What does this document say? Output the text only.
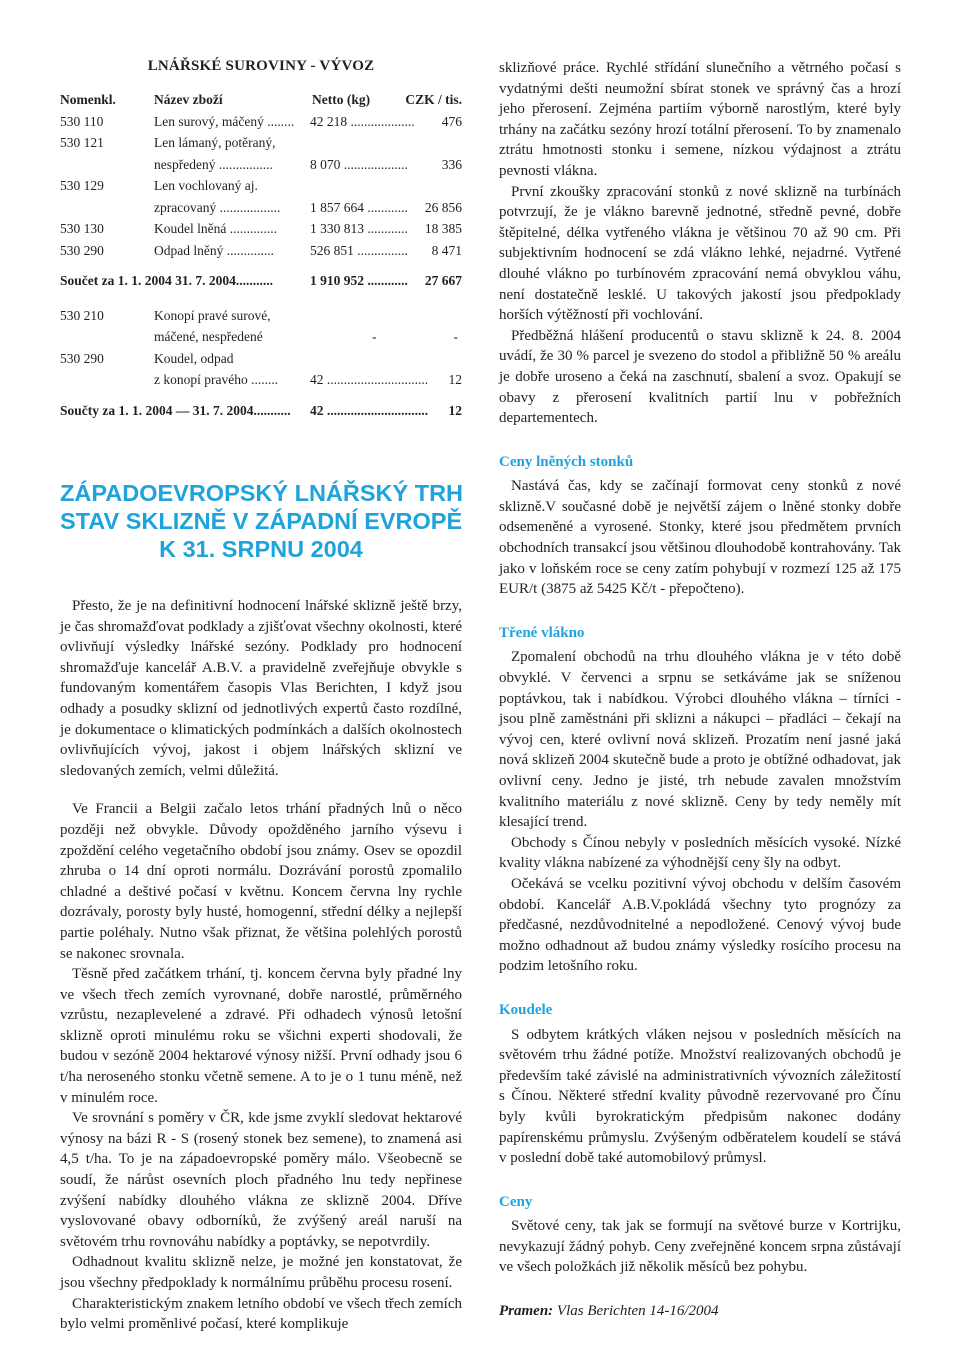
LNÁŘSKÉ SUROVINY - VÝVOZ
Nomenkl.	Název zboží	Netto (kg)	CZK / tis.
530 110	Len surový, máčený ........ 42 218 ................... 476
530 121	Len lámaný, potěraný,
nespředený ................	8 070 ...................	336
530 129	Len vochlovaný aj.
zpracovaný .................. 1 857 664 ............ 26 856
530 130	Koudel lněná .............. 1 330 813 ............ 18 385
530 290	Odpad lněný ..............	526 851 ............... 8 471
Součet za 1. 1. 2004 31. 7. 2004...........	1 910 952 ............ 27 667
530 210	Konopí pravé surové,
máčené, nespředené	-	-
530 290	Koudel, odpad
z konopí pravého ........ 42 .............................. 12
Součty za 1. 1. 2004 — 31. 7. 2004........... 42 .............................. 12
ZÁPADOEVROPSKÝ LNÁŘSKÝ TRH
STAV SKLIZNĚ V ZÁPADNÍ EVROPĚ
K 31. SRPNU 2004

Přesto, že je na definitivní hodnocení lnářské sklizně ještě brzy, je čas shromažďovat podklady a zjišťovat všechny okolnosti, které ovlivňují výsledky lnářské sezóny. Podklady pro hodnocení shromažďuje kancelář A.B.V. a pravidelně zveřejňuje obvykle s fundovaným komentářem časopis Vlas Berichten, I když jsou odhady a posudky sklizní od jednotlivých expertů často rozdílné, je dokumentace o klimatických podmínkách a dalších okolnostech ovlivňujících vývoj, jakost i objem lnářských sklizní ve sledovaných zemích, velmi důležitá.

Ve Francii a Belgii začalo letos trhání přadných lnů o něco později než obvykle. Důvody opožděného jarního výsevu i zpoždění celého vegetačního období jsou známy. Osev se opozdil zhruba o 14 dní oproti normálu. Dozrávání porostů zpomalilo chladné a deštivé počasí v květnu. Koncem června lny rychle dozrávaly, porosty byly husté, homogenní, střední délky a nejlepší partie poléhaly. Nutno však přiznat, že většina polehlých porostů se nakonec srovnala.

Těsně před začátkem trhání, tj. koncem června byly přadné lny ve všech třech zemích vyrovnané, dobře narostlé, průměrného vzrůstu, nezaplevelené a zdravé. Při odhadech výnosů letošní sklizně oproti minulému roku se všichni experti shodovali, že budou v sezóně 2004 hektarové výnosy nižší. První odhady jsou 6 t/ha neroseného stonku včetně semene. A to je o 1 tunu méně, než v minulém roce.

Ve srovnání s poměry v ČR, kde jsme zvyklí sledovat hektarové výnosy na bázi R - S (rosený stonek bez semene), to znamená asi 4,5 t/ha. To je na západoevropské poměry málo. Všeobecně se soudí, že nárůst osevních ploch přadného lnu tedy nepřinese zvýšení nabídky dlouhého vlákna ze sklizně 2004. Dříve vyslovované obavy odborníků, že zvýšený areál naruší na světovém trhu rovnováhu nabídky a poptávky, se nepotvrdily.

Odhadnout kvalitu sklizně nelze, je možné jen konstatovat, že jsou všechny předpoklady k normálnímu průběhu procesu rosení.

Charakteristickým znakem letního období ve všech třech zemích bylo velmi proměnlivé počasí, které komplikuje

sklizňové práce. Rychlé střídání slunečního a větrného počasí s vydatnými dešti neumožní sbírat stonek ve správný čas a hrozí jeho přerosení. Zejména partiím výborně narostlým, které byly trhány na začátku sezóny hrozí totální přerosení. To by znamenalo ztrátu hmotnosti stonku i semene, nízkou výdajnost a ztrátu pevnosti vlákna.

První zkoušky zpracování stonků z nové sklizně na turbínách potvrzují, že je vlákno barevně jednotné, středně pevné, dobře štěpitelné, délka vytřeného vlákna je většinou 70 až 90 cm. Při subjektivním hodnocení se zdá vlákno lehké, nejadrné. Vytřené dlouhé vlákno po turbínovém zpracování nemá obvyklou váhu, není dostatečně lesklé. U takových jakostí jsou předpoklady horších výtěžností při vochlování.

Předběžná hlášení producentů o stavu sklizně k 24. 8. 2004 uvádí, že 30 % parcel je svezeno do stodol a přibližně 50 % areálu je dobře uroseno a čeká na zaschnutí, sbalení a svoz. Opakují se obavy z přerosení kvalitních partií lnu v pobřežních departementech.

Ceny lněných stonků

Nastává čas, kdy se začínají formovat ceny stonků z nové sklizně.V současné době je největší zájem o lněné stonky dobře odsemeněné a vyrosené. Stonky, které jsou předmětem prvních obchodních transakcí jsou většinou dlouhodobě kontrahovány. Tak jako v loňském roce se ceny zatím pohybují v rozmezí 125 až 175 EUR/t (3875 až 5425 Kč/t - přepočteno).

Třené vlákno

Zpomalení obchodů na trhu dlouhého vlákna je v této době obvyklé. V červenci a srpnu se setkáváme jak se sníženou poptávkou, tak i nabídkou. Výrobci dlouhého vlákna – tírníci - jsou plně zaměstnáni při sklizni a nákupci – přadláci – čekají na vývoj cen, které ovlivní nová sklizeň. Prozatím není jasné jaká nová sklizeň 2004 skutečně bude a proto je obtížné odhadovat, jak ovlivní ceny. Jedno je jisté, trh nebude zavalen množstvím kvalitního materiálu z nové sklizně. Ceny by tedy neměly mít klesající trend.

Obchody s Čínou nebyly v posledních měsících vysoké. Nízké kvality vlákna nabízené za výhodnější ceny šly na odbyt.

Očekává se vcelku pozitivní vývoj obchodu v delším časovém období. Kancelář A.B.V.pokládá všechny tyto prognózy za předčasné, nezdůvodnitelné a nepodložené. Cenový vývoj bude možno odhadnout až budou známy výsledky rosícího procesu na podzim letošního roku.

Koudele

S odbytem krátkých vláken nejsou v posledních měsících na světovém trhu žádné potíže. Množství realizovaných obchodů je především také závislé na administrativních vývozních záležitostí s Čínou. Některé střední kvality původně rezervované pro Čínu byly kvůli byrokratickým předpisům nakonec dodány papírenskému průmyslu. Zvýšeným odběratelem koudelí se stává v poslední době také automobilový průmysl.

Ceny

Světové ceny, tak jak se formují na světové burze v Kortrijku, nevykazují žádný pohyb. Ceny zveřejněné koncem srpna zůstávají ve všech položkách již několik měsíců bez pohybu.

Pramen: Vlas Berichten 14-16/2004
